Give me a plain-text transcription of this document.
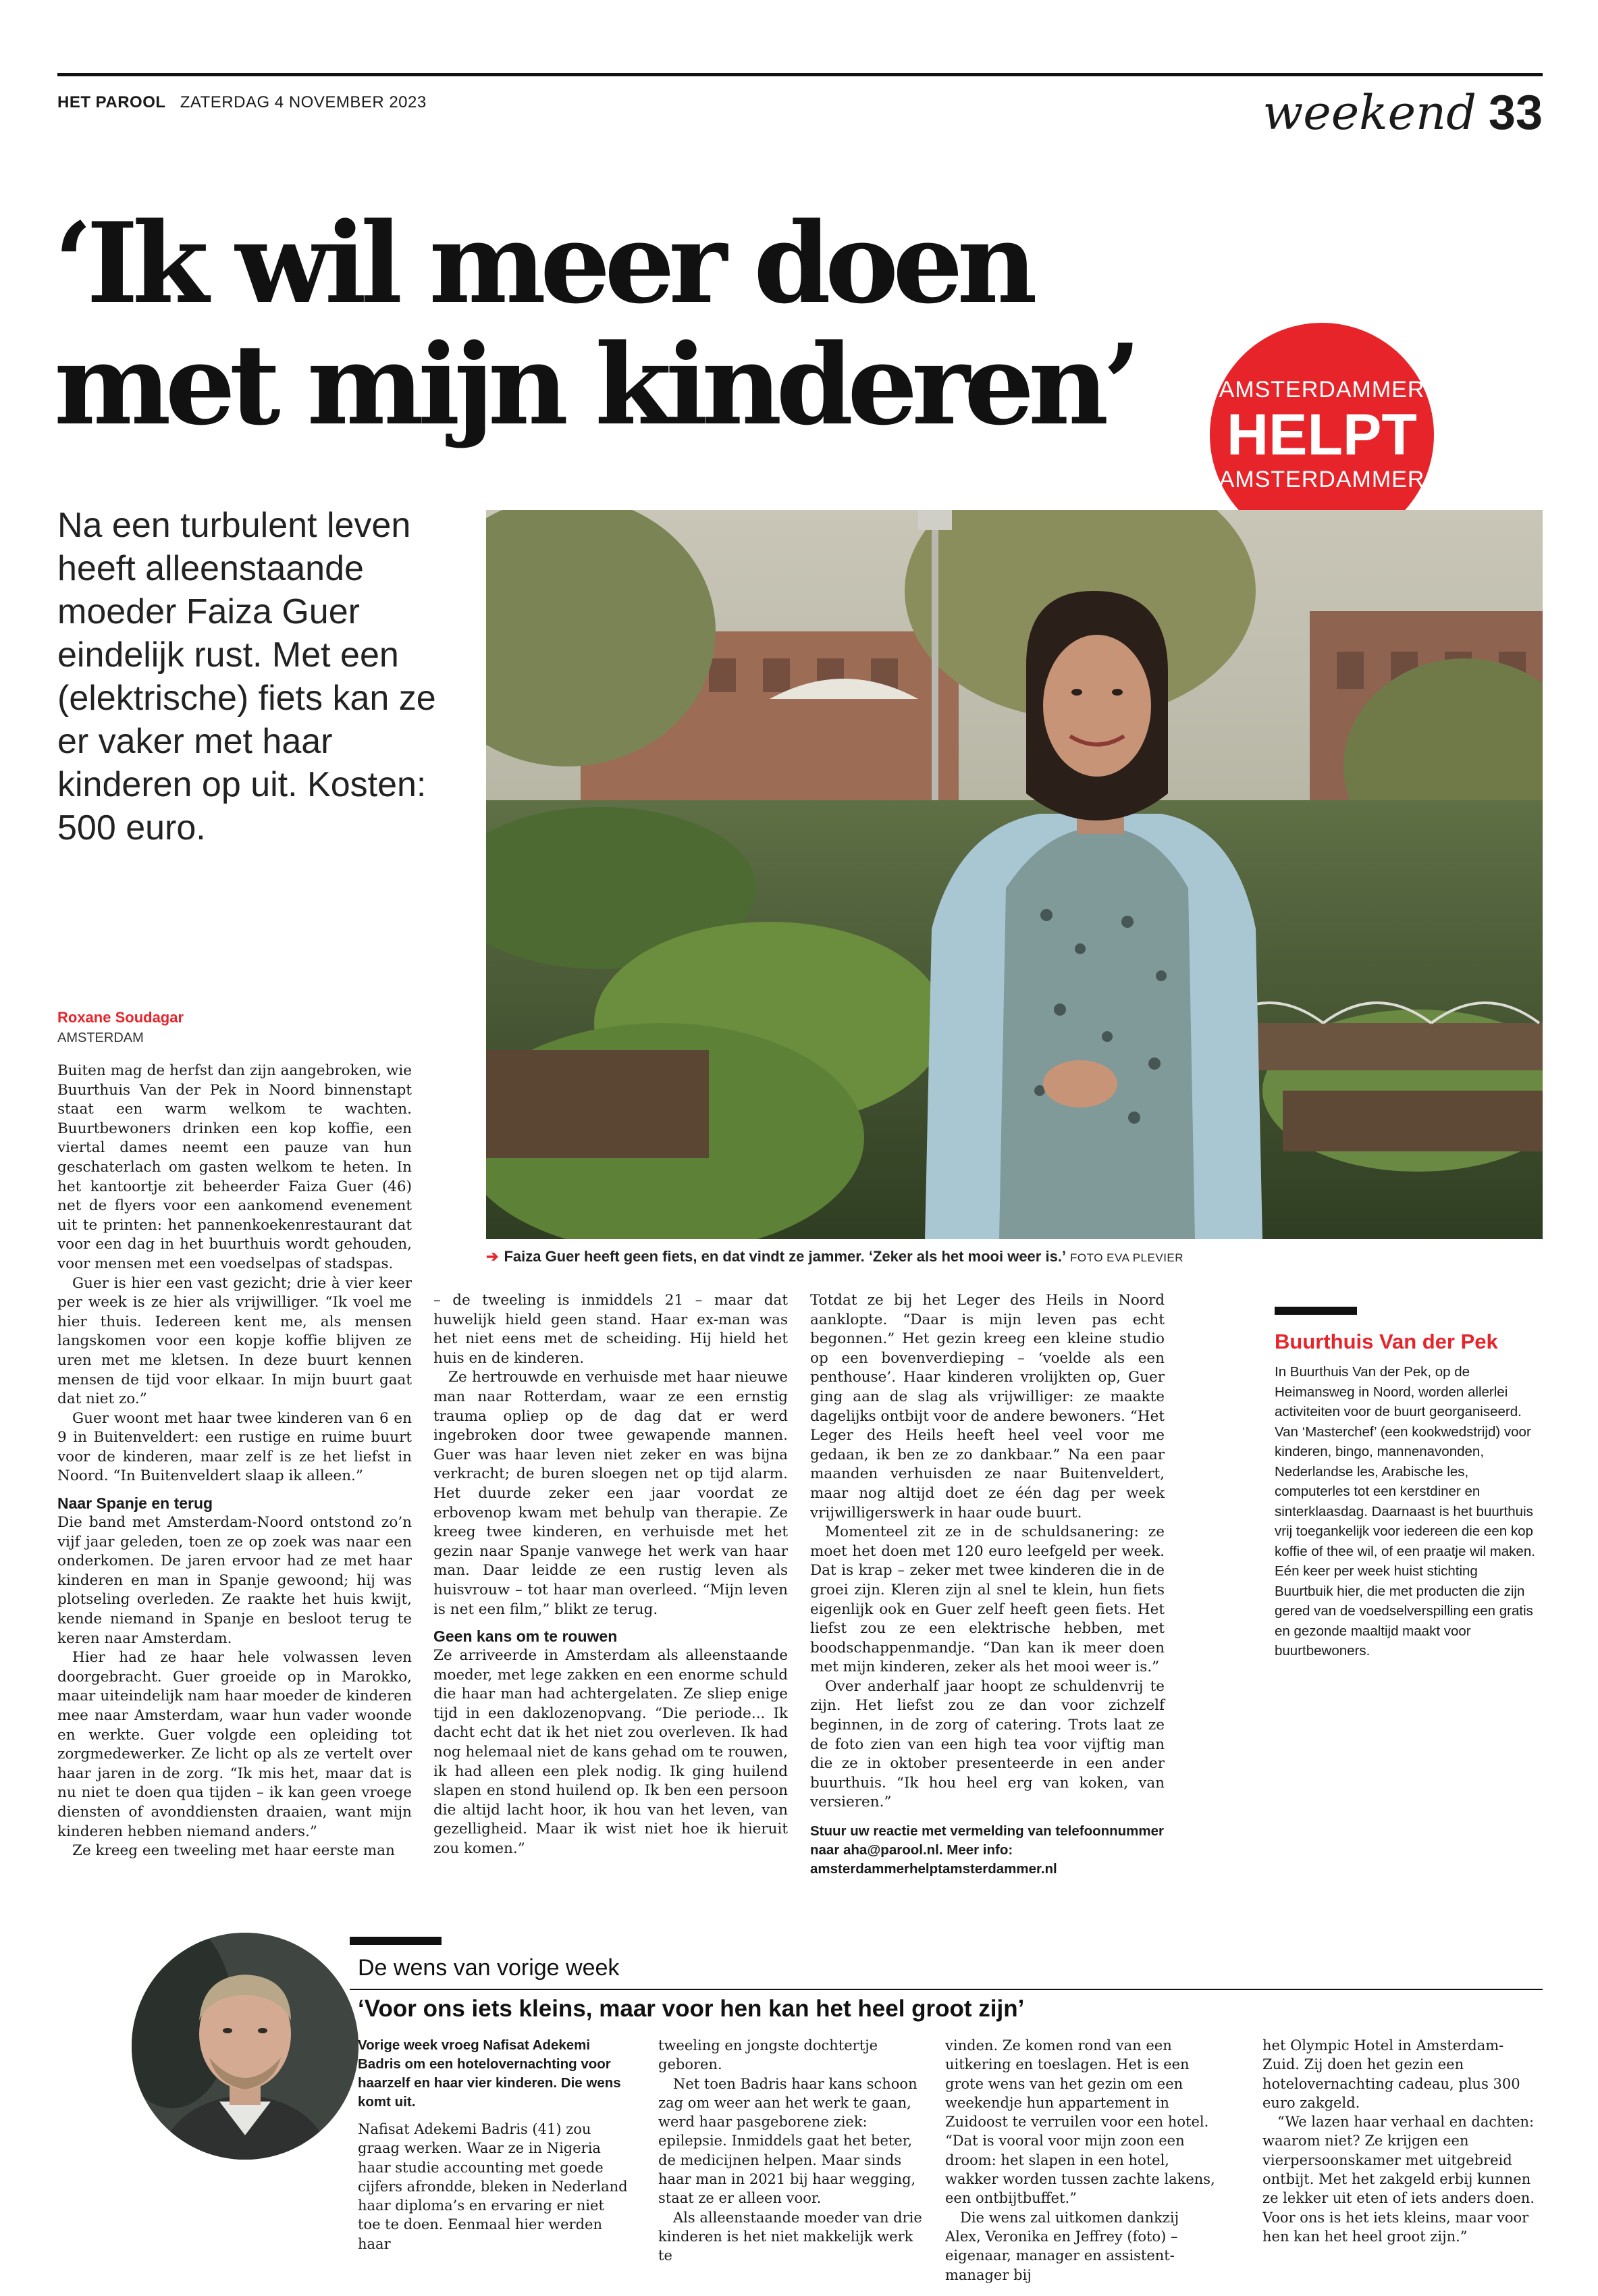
HET PAROOL ZATERDAG 4 NOVEMBER 2023	weekend 33
‘Ik wil meer doen
met mijn kinderen’	AMSTERDAMMER
HELPT
AMSTERDAMMER
Na een turbulent leven heeft alleenstaande moeder Faiza Guer eindelijk rust. Met een (elektrische) fiets kan ze er vaker met haar kinderen op uit. Kosten: 500 euro.
➔ Faiza Guer heeft geen fiets, en dat vindt ze jammer. ‘Zeker als het mooi weer is.’ FOTO EVA PLEVIER
Roxane Soudagar
AMSTERDAM

Buiten mag de herfst dan zijn aangebroken, wie Buurthuis Van der Pek in Noord binnenstapt staat een warm welkom te wachten. Buurtbewoners drinken een kop koffie, een viertal dames neemt een pauze van hun geschaterlach om gasten welkom te heten. In het kantoortje zit beheerder Faiza Guer (46) net de flyers voor een aankomend evenement uit te printen: het pannenkoekenrestaurant dat voor een dag in het buurthuis wordt gehouden, voor mensen met een voedselpas of stadspas.

Guer is hier een vast gezicht; drie à vier keer per week is ze hier als vrijwilliger. “Ik voel me hier thuis. Iedereen kent me, als mensen langskomen voor een kopje koffie blijven ze uren met me kletsen. In deze buurt kennen mensen de tijd voor elkaar. In mijn buurt gaat dat niet zo.”

Guer woont met haar twee kinderen van 6 en 9 in Buitenveldert: een rustige en ruime buurt voor de kinderen, maar zelf is ze het liefst in Noord. “In Buitenveldert slaap ik alleen.”

Naar Spanje en terug

Die band met Amsterdam-Noord ontstond zo’n vijf jaar geleden, toen ze op zoek was naar een onderkomen. De jaren ervoor had ze met haar kinderen en man in Spanje gewoond; hij was plotseling overleden. Ze raakte het huis kwijt, kende niemand in Spanje en besloot terug te keren naar Amsterdam.

Hier had ze haar hele volwassen leven doorgebracht. Guer groeide op in Marokko, maar uiteindelijk nam haar moeder de kinderen mee naar Amsterdam, waar hun vader woonde en werkte. Guer volgde een opleiding tot zorgmedewerker. Ze licht op als ze vertelt over haar jaren in de zorg. “Ik mis het, maar dat is nu niet te doen qua tijden – ik kan geen vroege diensten of avonddiensten draaien, want mijn kinderen hebben niemand anders.”

Ze kreeg een tweeling met haar eerste man

– de tweeling is inmiddels 21 – maar dat huwelijk hield geen stand. Haar ex-man was het niet eens met de scheiding. Hij hield het huis en de kinderen.

Ze hertrouwde en verhuisde met haar nieuwe man naar Rotterdam, waar ze een ernstig trauma opliep op de dag dat er werd ingebroken door twee gewapende mannen. Guer was haar leven niet zeker en was bijna verkracht; de buren sloegen net op tijd alarm. Het duurde zeker een jaar voordat ze erbovenop kwam met behulp van therapie. Ze kreeg twee kinderen, en verhuisde met het gezin naar Spanje vanwege het werk van haar man. Daar leidde ze een rustig leven als huisvrouw – tot haar man overleed. “Mijn leven is net een film,” blikt ze terug.

Geen kans om te rouwen

Ze arriveerde in Amsterdam als alleenstaande moeder, met lege zakken en een enorme schuld die haar man had achtergelaten. Ze sliep enige tijd in een daklozenopvang. “Die periode... Ik dacht echt dat ik het niet zou overleven. Ik had nog helemaal niet de kans gehad om te rouwen, ik had alleen een plek nodig. Ik ging huilend slapen en stond huilend op. Ik ben een persoon die altijd lacht hoor, ik hou van het leven, van gezelligheid. Maar ik wist niet hoe ik hieruit zou komen.”

Totdat ze bij het Leger des Heils in Noord aanklopte. “Daar is mijn leven pas echt begonnen.” Het gezin kreeg een kleine studio op een bovenverdieping – ‘voelde als een penthouse’. Haar kinderen vrolijkten op, Guer ging aan de slag als vrijwilliger: ze maakte dagelijks ontbijt voor de andere bewoners. “Het Leger des Heils heeft heel veel voor me gedaan, ik ben ze zo dankbaar.” Na een paar maanden verhuisden ze naar Buitenveldert, maar nog altijd doet ze één dag per week vrijwilligerswerk in haar oude buurt.

Momenteel zit ze in de schuldsanering: ze moet het doen met 120 euro leefgeld per week. Dat is krap – zeker met twee kinderen die in de groei zijn. Kleren zijn al snel te klein, hun fiets eigenlijk ook en Guer zelf heeft geen fiets. Het liefst zou ze een elektrische hebben, met boodschappenmandje. “Dan kan ik meer doen met mijn kinderen, zeker als het mooi weer is.”

Over anderhalf jaar hoopt ze schuldenvrij te zijn. Het liefst zou ze dan voor zichzelf beginnen, in de zorg of catering. Trots laat ze de foto zien van een high tea voor vijftig man die ze in oktober presenteerde in een ander buurthuis. “Ik hou heel erg van koken, van versieren.”

Stuur uw reactie met vermelding van telefoonnummer naar aha@parool.nl. Meer info: amsterdammerhelptamsterdammer.nl
Buurthuis Van der Pek
In Buurthuis Van der Pek, op de Heimansweg in Noord, worden allerlei activiteiten voor de buurt georganiseerd. Van ‘Masterchef’ (een kookwedstrijd) voor kinderen, bingo, mannenavonden, Nederlandse les, Arabische les, computerles tot een kerstdiner en sinterklaasdag. Daarnaast is het buurthuis vrij toegankelijk voor iedereen die een kop koffie of thee wil, of een praatje wil maken. Eén keer per week huist stichting Buurtbuik hier, die met producten die zijn gered van de voedselverspilling een gratis en gezonde maaltijd maakt voor buurtbewoners.
De wens van vorige week
‘Voor ons iets kleins, maar voor hen kan het heel groot zijn’
Vorige week vroeg Nafisat Adekemi Badris om een hotelovernachting voor haarzelf en haar vier kinderen. Die wens komt uit.

Nafisat Adekemi Badris (41) zou graag werken. Waar ze in Nigeria haar studie accounting met goede cijfers afrondde, bleken in Nederland haar diploma’s en ervaring er niet toe te doen. Eenmaal hier werden haar

tweeling en jongste dochtertje geboren.

Net toen Badris haar kans schoon zag om weer aan het werk te gaan, werd haar pasgeborene ziek: epilepsie. Inmiddels gaat het beter, de medicijnen helpen. Maar sinds haar man in 2021 bij haar wegging, staat ze er alleen voor.

Als alleenstaande moeder van drie kinderen is het niet makkelijk werk te

vinden. Ze komen rond van een uitkering en toeslagen. Het is een grote wens van het gezin om een weekendje hun appartement in Zuidoost te verruilen voor een hotel. “Dat is vooral voor mijn zoon een droom: het slapen in een hotel, wakker worden tussen zachte lakens, een ontbijtbuffet.”

Die wens zal uitkomen dankzij Alex, Veronika en Jeffrey (foto) – eigenaar, manager en assistent-manager bij

het Olympic Hotel in Amsterdam-Zuid. Zij doen het gezin een hotelovernachting cadeau, plus 300 euro zakgeld.

“We lazen haar verhaal en dachten: waarom niet? Ze krijgen een vierpersoonskamer met uitgebreid ontbijt. Met het zakgeld erbij kunnen ze lekker uit eten of iets anders doen. Voor ons is het iets kleins, maar voor hen kan het heel groot zijn.”
